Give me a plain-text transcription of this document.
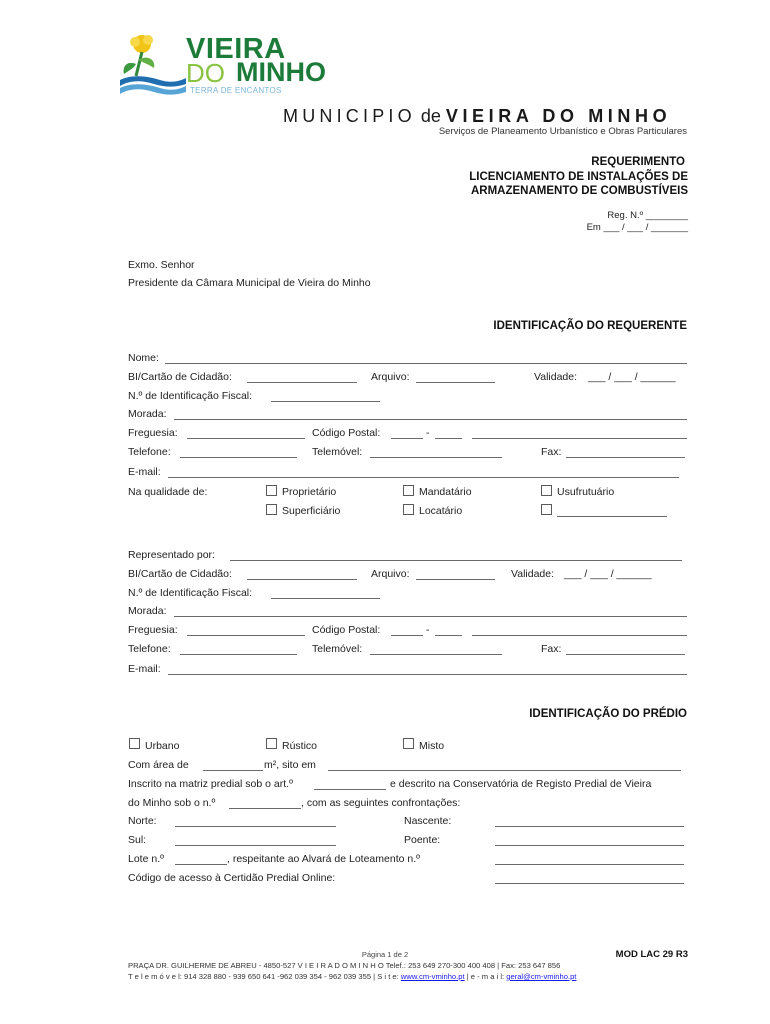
VIEIRA
DO MINHO
TERRA DE ENCANTOS
MUNICIPIO de VIEIRA DO MINHO
Serviços de Planeamento Urbanístico e Obras Particulares
REQUERIMENTO
LICENCIAMENTO DE INSTALAÇÕES DE
ARMAZENAMENTO DE COMBUSTÍVEIS
Reg. N.º ________
Em ___ / ___ / _______
Exmo. Senhor
Presidente da Câmara Municipal de Vieira do Minho
IDENTIFICAÇÃO DO REQUERENTE
Nome:
BI/Cartão de Cidadão:	Arquivo:	Validade: ___ / ___ / ______
N.º de Identificação Fiscal:
Morada:
Freguesia:	Código Postal:	-
Telefone:	Telemóvel:	Fax:
E-mail:
Na qualidade de:	Proprietário	Mandatário	Usufrutuário
Superficiário	Locatário
Representado por:
BI/Cartão de Cidadão:	Arquivo:	Validade: ___ / ___ / ______
N.º de Identificação Fiscal:
Morada:
Freguesia:	Código Postal:	-
Telefone:	Telemóvel:	Fax:
E-mail:
IDENTIFICAÇÃO DO PRÉDIO
Urbano	Rústico	Misto
Com área de	m², sito em
Inscrito na matriz predial sob o art.º	e descrito na Conservatória de Registo Predial de Vieira
do Minho sob o n.º	, com as seguintes confrontações:
Norte:	Nascente:
Sul:	Poente:
Lote n.º	, respeitante ao Alvará de Loteamento n.º
Código de acesso à Certidão Predial Online:
Página 1 de 2	MOD LAC 29 R3
PRAÇA DR. GUILHERME DE ABREU - 4850-527 V I E I R A D O M I N H O Telef.: 253 649 270-300 400 408 | Fax: 253 647 856
T e l e m ó v e l: 914 328 880 - 939 650 641 -962 039 354 - 962 039 355 | S i t e: www.cm-vminho.pt | e - m a i l: geral@cm-vminho.pt
